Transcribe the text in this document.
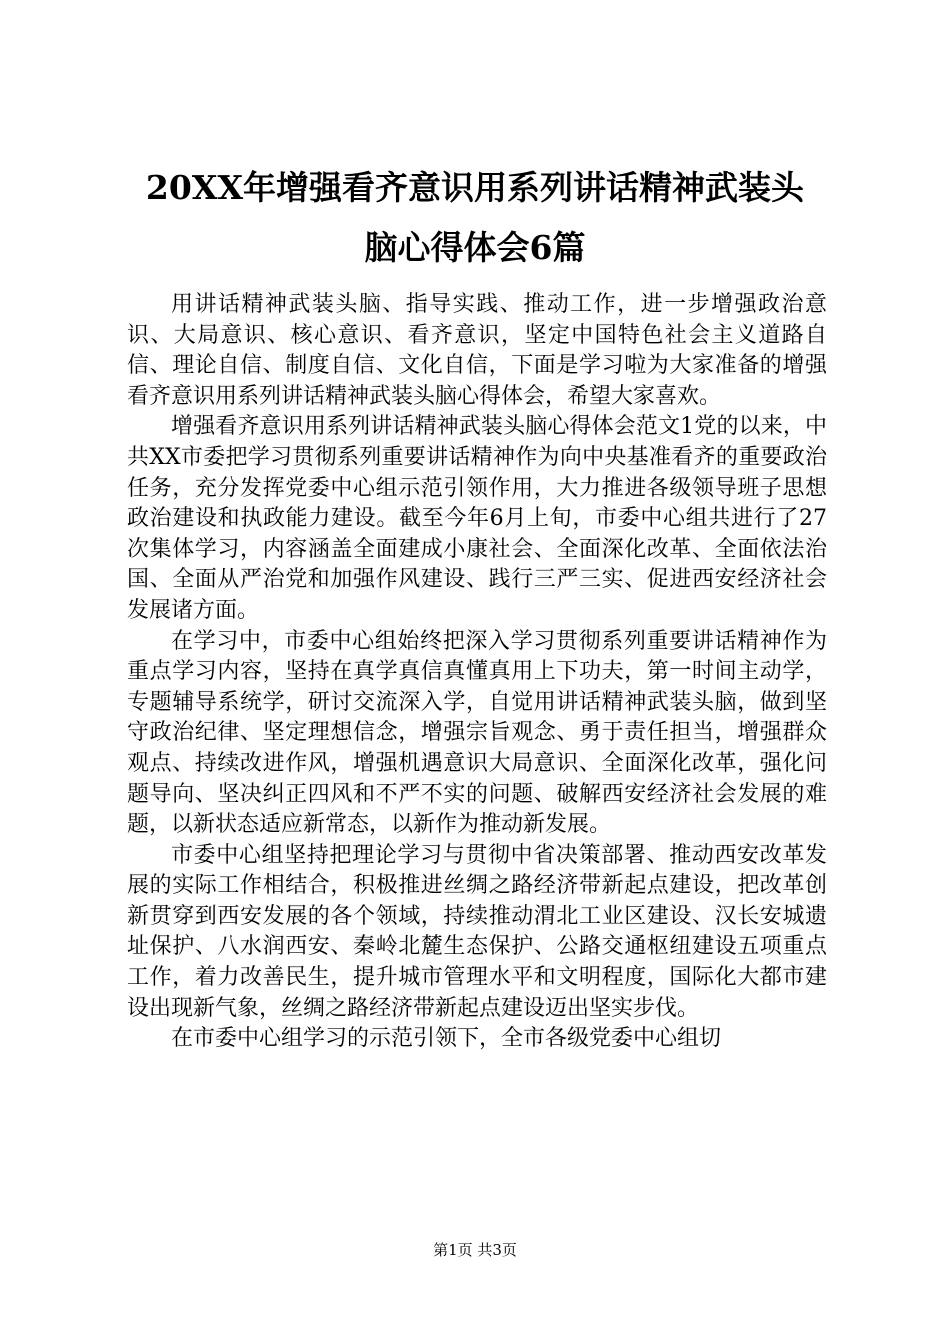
20XX年增强看齐意识用系列讲话精神武装头
脑心得体会6篇

用讲话精神武装头脑、指导实践、推动工作，进一步增强政治意识、大局意识、核心意识、看齐意识，坚定中国特色社会主义道路自信、理论自信、制度自信、文化自信，下面是学习啦为大家准备的增强看齐意识用系列讲话精神武装头脑心得体会，希望大家喜欢。

增强看齐意识用系列讲话精神武装头脑心得体会范文1党的以来，中共XX市委把学习贯彻系列重要讲话精神作为向中央基准看齐的重要政治任务，充分发挥党委中心组示范引领作用，大力推进各级领导班子思想政治建设和执政能力建设。截至今年6月上旬，市委中心组共进行了27次集体学习，内容涵盖全面建成小康社会、全面深化改革、全面依法治国、全面从严治党和加强作风建设、践行三严三实、促进西安经济社会发展诸方面。

在学习中，市委中心组始终把深入学习贯彻系列重要讲话精神作为重点学习内容，坚持在真学真信真懂真用上下功夫，第一时间主动学，专题辅导系统学，研讨交流深入学，自觉用讲话精神武装头脑，做到坚守政治纪律、坚定理想信念，增强宗旨观念、勇于责任担当，增强群众观点、持续改进作风，增强机遇意识大局意识、全面深化改革，强化问题导向、坚决纠正四风和不严不实的问题、破解西安经济社会发展的难题，以新状态适应新常态，以新作为推动新发展。

市委中心组坚持把理论学习与贯彻中省决策部署、推动西安改革发展的实际工作相结合，积极推进丝绸之路经济带新起点建设，把改革创新贯穿到西安发展的各个领域，持续推动渭北工业区建设、汉长安城遗址保护、八水润西安、秦岭北麓生态保护、公路交通枢纽建设五项重点工作，着力改善民生，提升城市管理水平和文明程度，国际化大都市建设出现新气象，丝绸之路经济带新起点建设迈出坚实步伐。

在市委中心组学习的示范引领下，全市各级党委中心组切

第1页 共3页
